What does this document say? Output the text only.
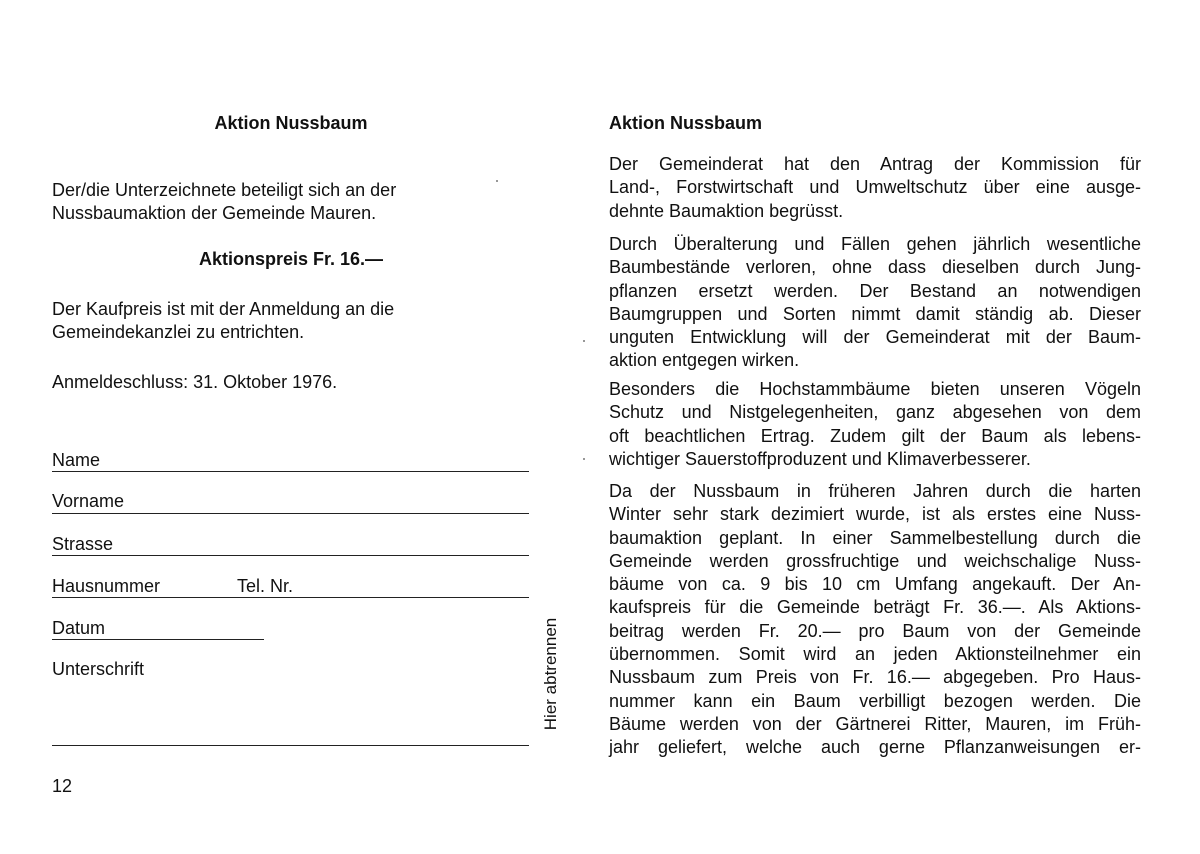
Aktion Nussbaum
Der/die Unterzeichnete beteiligt sich an der
Nussbaumaktion der Gemeinde Mauren.
Aktionspreis Fr. 16.—
Der Kaufpreis ist mit der Anmeldung an die
Gemeindekanzlei zu entrichten.
Anmeldeschluss: 31. Oktober 1976.
Name
Vorname
Strasse
Hausnummer	Tel. Nr.
Datum
Unterschrift	Hier abtrennen
12
Aktion Nussbaum
Der Gemeinderat hat den Antrag der Kommission für
Land-, Forstwirtschaft und Umweltschutz über eine ausge-
dehnte Baumaktion begrüsst.
Durch Überalterung und Fällen gehen jährlich wesentliche
Baumbestände verloren, ohne dass dieselben durch Jung-
pflanzen ersetzt werden. Der Bestand an notwendigen
Baumgruppen und Sorten nimmt damit ständig ab. Dieser
unguten Entwicklung will der Gemeinderat mit der Baum-
aktion entgegen wirken.
Besonders die Hochstammbäume bieten unseren Vögeln
Schutz und Nistgelegenheiten, ganz abgesehen von dem
oft beachtlichen Ertrag. Zudem gilt der Baum als lebens-
wichtiger Sauerstoffproduzent und Klimaverbesserer.
Da der Nussbaum in früheren Jahren durch die harten
Winter sehr stark dezimiert wurde, ist als erstes eine Nuss-
baumaktion geplant. In einer Sammelbestellung durch die
Gemeinde werden grossfruchtige und weichschalige Nuss-
bäume von ca. 9 bis 10 cm Umfang angekauft. Der An-
kaufspreis für die Gemeinde beträgt Fr. 36.—. Als Aktions-
beitrag werden Fr. 20.— pro Baum von der Gemeinde
übernommen. Somit wird an jeden Aktionsteilnehmer ein
Nussbaum zum Preis von Fr. 16.— abgegeben. Pro Haus-
nummer kann ein Baum verbilligt bezogen werden. Die
Bäume werden von der Gärtnerei Ritter, Mauren, im Früh-
jahr geliefert, welche auch gerne Pflanzanweisungen er-
